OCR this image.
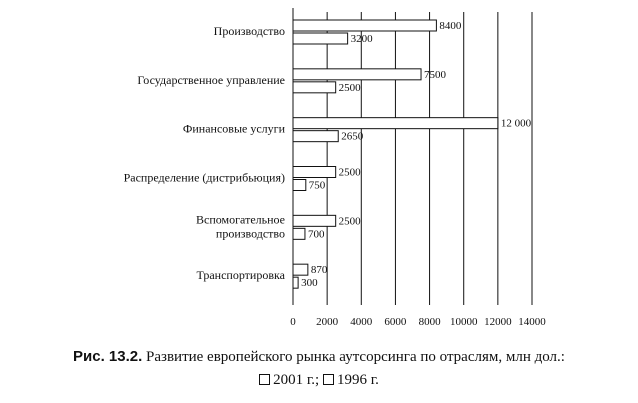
0 2000 4000 6000 8000 10000 12000 14000
Производство	8400
3200
Государственное управление	7500
2500
Финансовые услуги	12 000
2650
Распределение (дистрибьюция)	2500
750
Вспомогательное
производство
2500
700
Транспортировка 870
300
Рис. 13.2. Развитие европейского рынка аутсорсинга по отраслям, млн дол.:
2001 г.; 1996 г.
